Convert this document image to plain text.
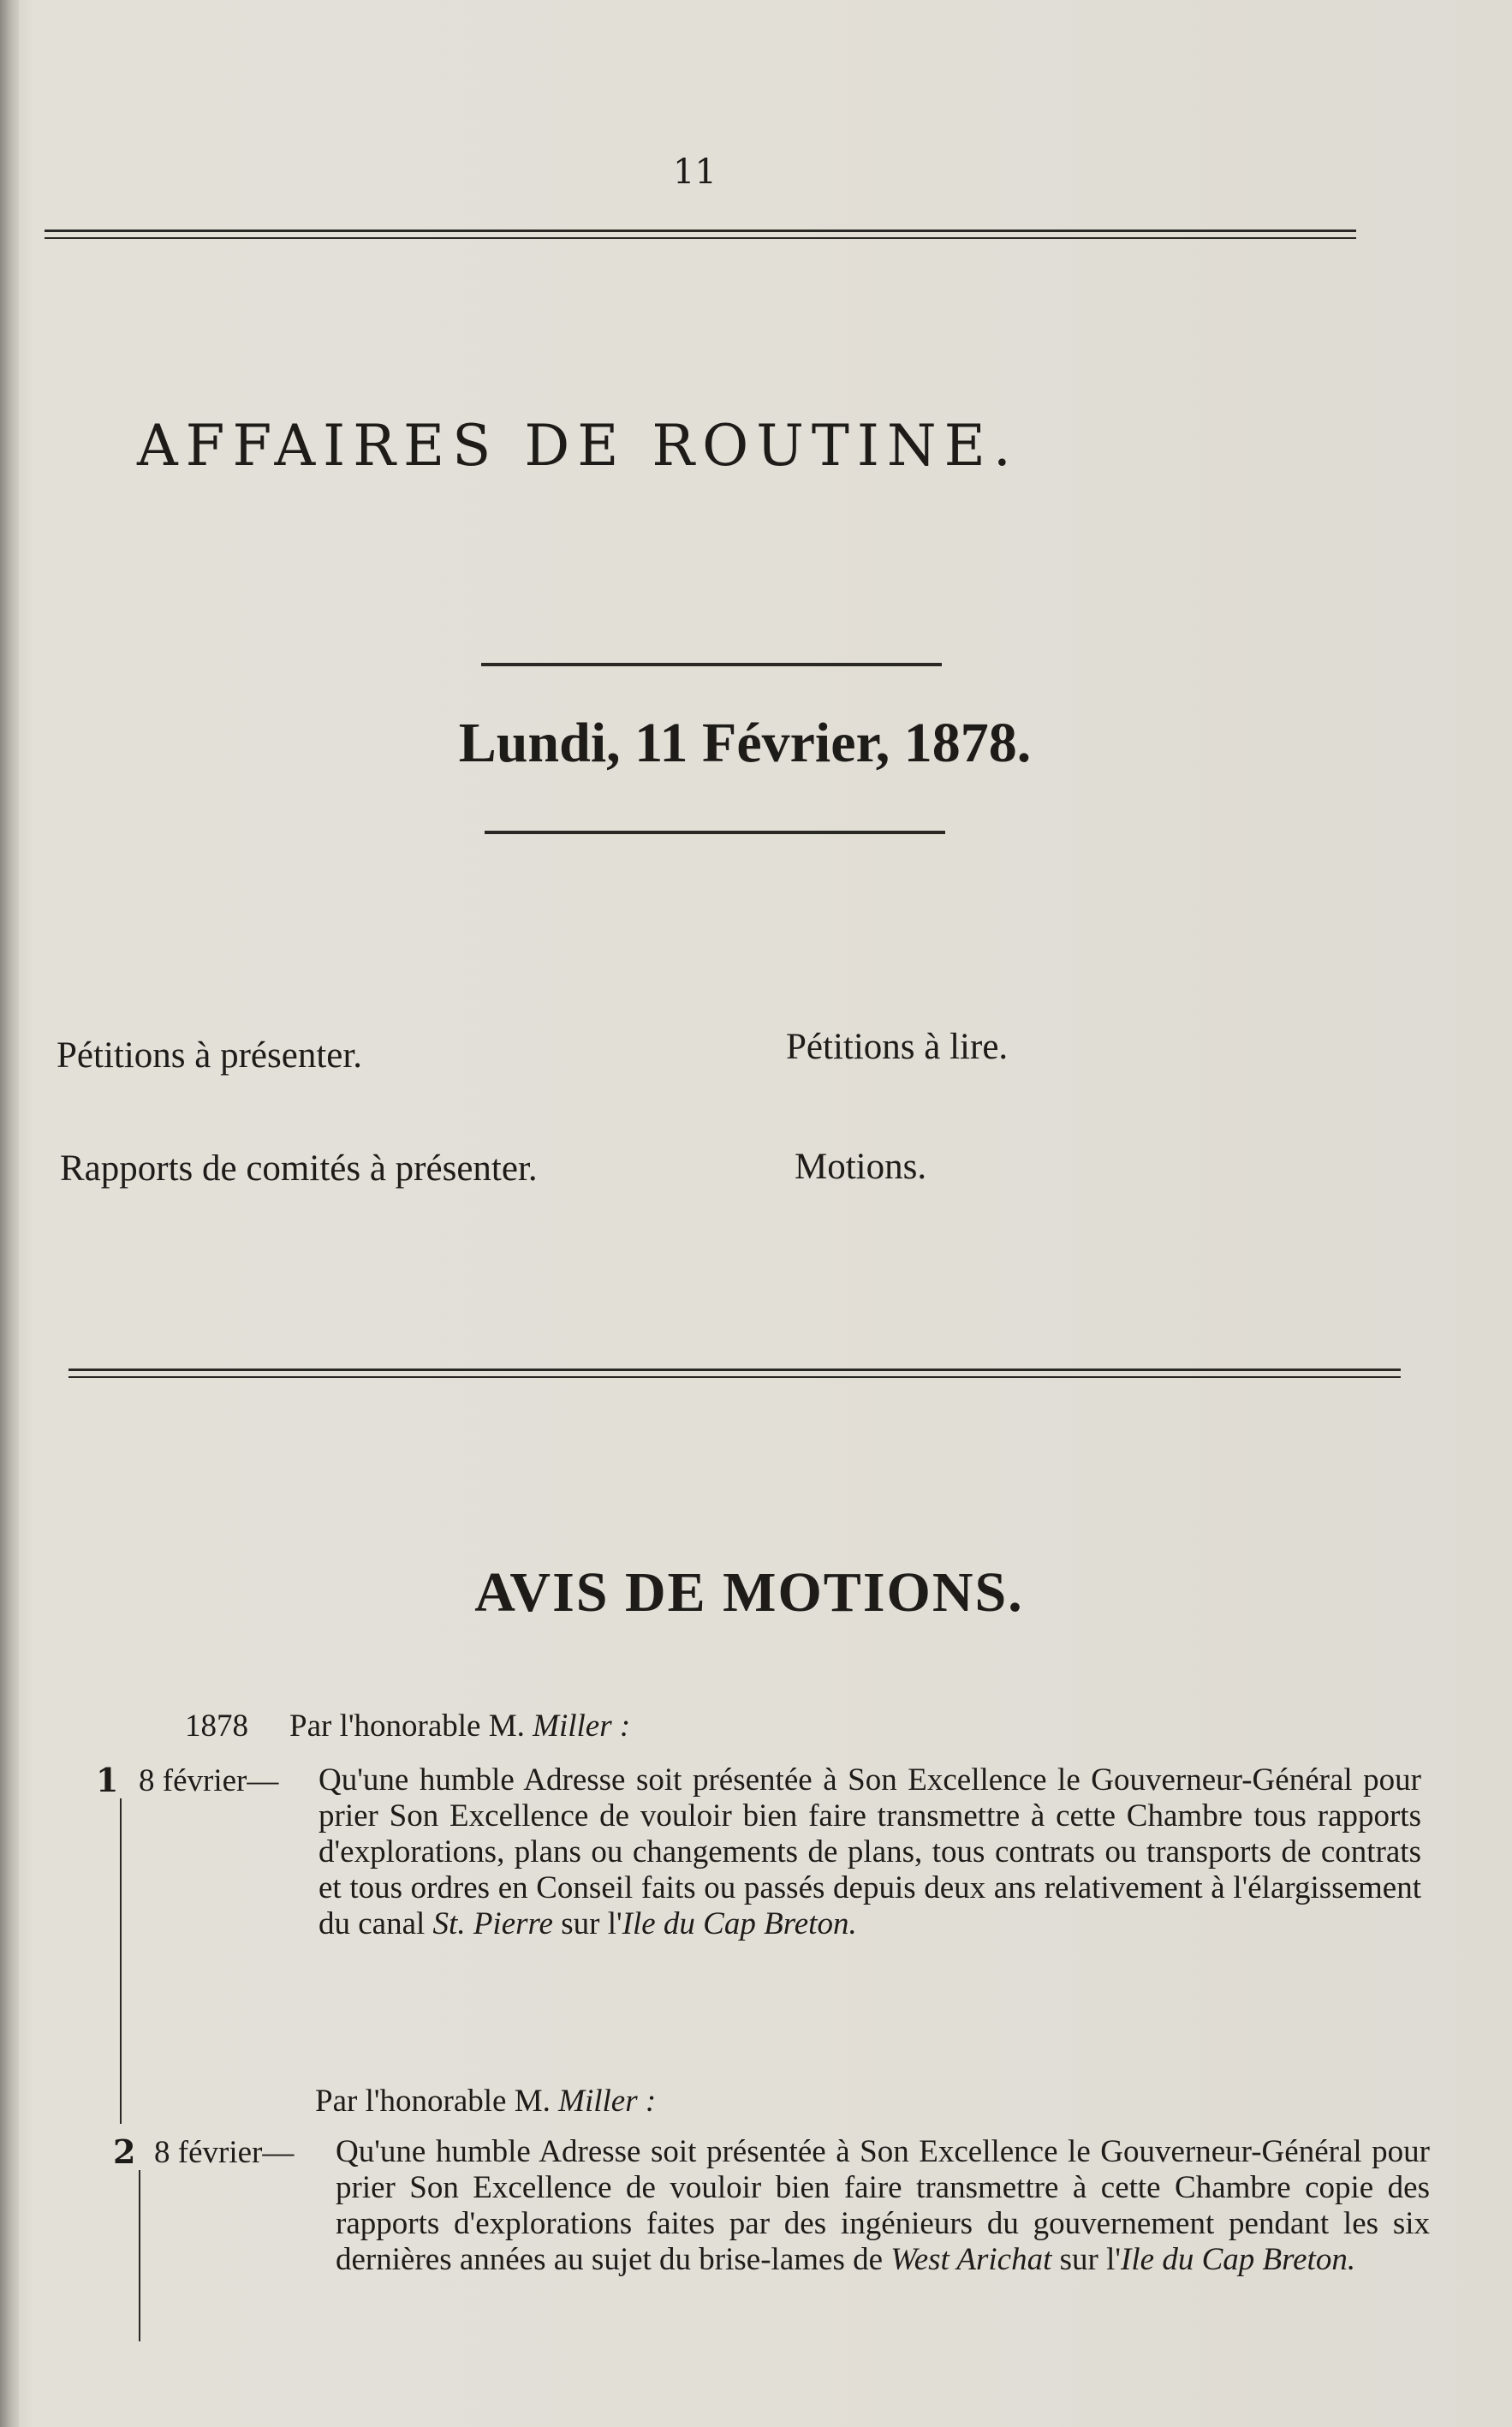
11
AFFAIRES DE ROUTINE.
Lundi, 11 Février, 1878.
Pétitions à présenter.	Pétitions à lire.
Rapports de comités à présenter.	Motions.
AVIS DE MOTIONS.
1878 Par l'honorable M. Miller :
1 8 février— Qu'une humble Adresse soit présentée à Son Excellence le Gouverneur-Général pour prier Son Excellence de vouloir bien faire transmettre à cette Chambre tous rapports d'explorations, plans ou changements de plans, tous contrats ou transports de contrats et tous ordres en Conseil faits ou passés depuis deux ans relativement à l'élargissement du canal St. Pierre sur l'Ile du Cap Breton.
Par l'honorable M. Miller :
2 8 février— Qu'une humble Adresse soit présentée à Son Excellence le Gouverneur-Général pour prier Son Excellence de vouloir bien faire transmettre à cette Chambre copie des rapports d'explorations faites par des ingénieurs du gouvernement pendant les six dernières années au sujet du brise-lames de West Arichat sur l'Ile du Cap Breton.
